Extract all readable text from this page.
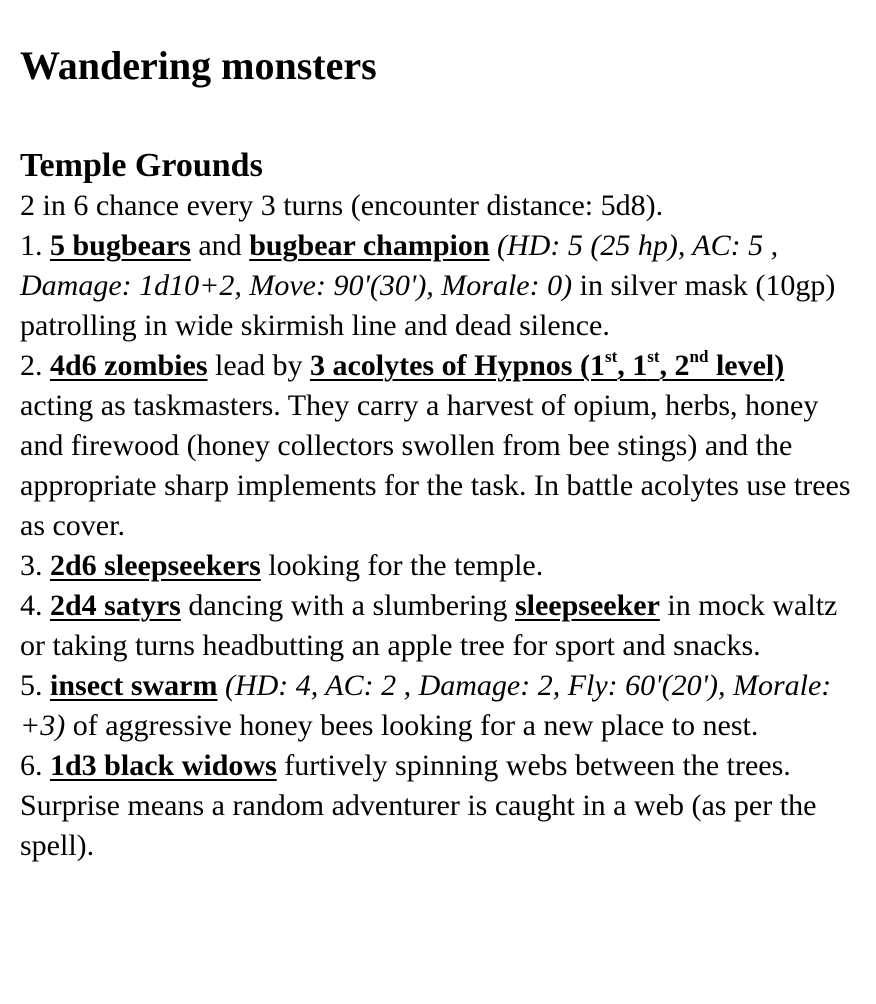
Wandering monsters
Temple Grounds

2 in 6 chance every 3 turns (encounter distance: 5d8).

1. 5 bugbears and bugbear champion (HD: 5 (25 hp), AC: 5 , Damage: 1d10+2, Move: 90'(30'), Morale: 0) in silver mask (10gp) patrolling in wide skirmish line and dead silence.

2. 4d6 zombies lead by 3 acolytes of Hypnos (1st, 1st, 2nd level) acting as taskmasters. They carry a harvest of opium, herbs, honey and firewood (honey collectors swollen from bee stings) and the appropriate sharp implements for the task. In battle acolytes use trees as cover.

3. 2d6 sleepseekers looking for the temple.

4. 2d4 satyrs dancing with a slumbering sleepseeker in mock waltz or taking turns headbutting an apple tree for sport and snacks.

5. insect swarm (HD: 4, AC: 2 , Damage: 2, Fly: 60'(20'), Morale: +3) of aggressive honey bees looking for a new place to nest.

6. 1d3 black widows furtively spinning webs between the trees. Surprise means a random adventurer is caught in a web (as per the spell).
